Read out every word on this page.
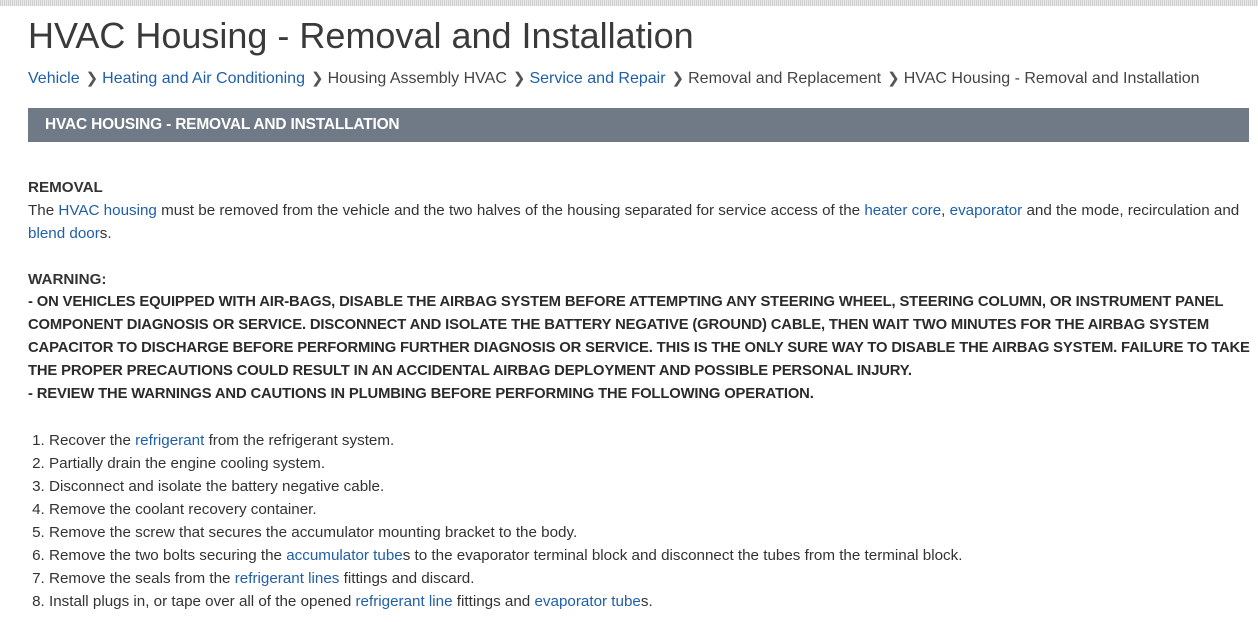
HVAC Housing - Removal and Installation
Vehicle ❯ Heating and Air Conditioning ❯ Housing Assembly HVAC ❯ Service and Repair ❯ Removal and Replacement ❯ HVAC Housing - Removal and Installation
HVAC HOUSING - REMOVAL AND INSTALLATION

REMOVAL

The HVAC housing must be removed from the vehicle and the two halves of the housing separated for service access of the heater core, evaporator and the mode, recirculation and blend doors.

WARNING:

- ON VEHICLES EQUIPPED WITH AIR-BAGS, DISABLE THE AIRBAG SYSTEM BEFORE ATTEMPTING ANY STEERING WHEEL, STEERING COLUMN, OR INSTRUMENT PANEL COMPONENT DIAGNOSIS OR SERVICE. DISCONNECT AND ISOLATE THE BATTERY NEGATIVE (GROUND) CABLE, THEN WAIT TWO MINUTES FOR THE AIRBAG SYSTEM CAPACITOR TO DISCHARGE BEFORE PERFORMING FURTHER DIAGNOSIS OR SERVICE. THIS IS THE ONLY SURE WAY TO DISABLE THE AIRBAG SYSTEM. FAILURE TO TAKE THE PROPER PRECAUTIONS COULD RESULT IN AN ACCIDENTAL AIRBAG DEPLOYMENT AND POSSIBLE PERSONAL INJURY.

- REVIEW THE WARNINGS AND CAUTIONS IN PLUMBING BEFORE PERFORMING THE FOLLOWING OPERATION.

1. Recover the refrigerant from the refrigerant system.
2. Partially drain the engine cooling system.
3. Disconnect and isolate the battery negative cable.
4. Remove the coolant recovery container.
5. Remove the screw that secures the accumulator mounting bracket to the body.
6. Remove the two bolts securing the accumulator tubes to the evaporator terminal block and disconnect the tubes from the terminal block.
7. Remove the seals from the refrigerant lines fittings and discard.
8. Install plugs in, or tape over all of the opened refrigerant line fittings and evaporator tubes.
